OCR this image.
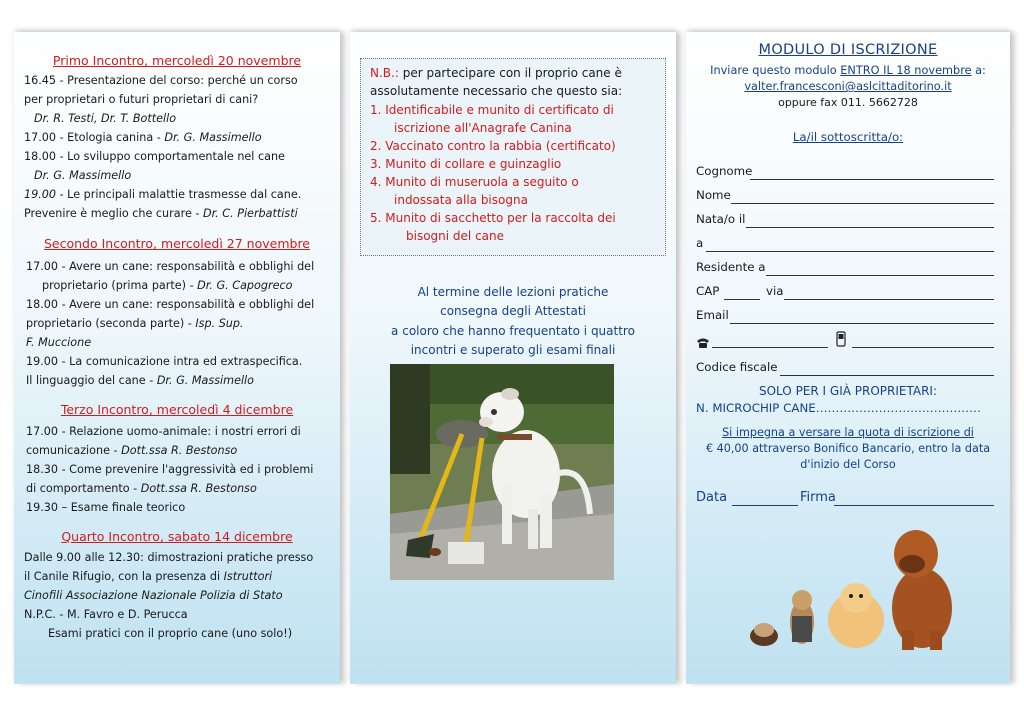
Primo Incontro, mercoledì 20 novembre
16.45 - Presentazione del corso: perché un corso
per proprietari o futuri proprietari di cani?
Dr. R. Testi, Dr. T. Bottello
17.00 - Etologia canina - Dr. G. Massimello
18.00 - Lo sviluppo comportamentale nel cane
Dr. G. Massimello
19.00 - Le principali malattie trasmesse dal cane.
Prevenire è meglio che curare - Dr. C. Pierbattisti
Secondo Incontro, mercoledì 27 novembre
17.00 - Avere un cane: responsabilità e obblighi del
proprietario (prima parte) - Dr. G. Capogreco
18.00 - Avere un cane: responsabilità e obblighi del
proprietario (seconda parte) - Isp. Sup.
F. Muccione
19.00 - La comunicazione intra ed extraspecifica.
Il linguaggio del cane - Dr. G. Massimello
Terzo Incontro, mercoledì 4 dicembre
17.00 - Relazione uomo-animale: i nostri errori di
comunicazione - Dott.ssa R. Bestonso
18.30 - Come prevenire l'aggressività ed i problemi
di comportamento - Dott.ssa R. Bestonso
19.30 – Esame finale teorico
Quarto Incontro, sabato 14 dicembre
Dalle 9.00 alle 12.30: dimostrazioni pratiche presso
il Canile Rifugio, con la presenza di Istruttori
Cinofili Associazione Nazionale Polizia di Stato
N.P.C. - M. Favro e D. Perucca
Esami pratici con il proprio cane (uno solo!)
N.B.: per partecipare con il proprio cane è
assolutamente necessario che questo sia:
1. Identificabile e munito di certificato di
iscrizione all'Anagrafe Canina
2. Vaccinato contro la rabbia (certificato)
3. Munito di collare e guinzaglio
4. Munito di museruola a seguito o
indossata alla bisogna
5. Munito di sacchetto per la raccolta dei
bisogni del cane
Al termine delle lezioni pratiche
consegna degli Attestati
a coloro che hanno frequentato i quattro
incontri e superato gli esami finali
MODULO DI ISCRIZIONE
Inviare questo modulo ENTRO IL 18 novembre a:
valter.francesconi@aslcittaditorino.it
oppure fax 011. 5662728
La/il sottoscritta/o:
Cognome
Nome
Nata/o il
a
Residente a
CAP	via
Email
Codice fiscale
SOLO PER I GIÀ PROPRIETARI:
N. MICROCHIP CANE……………………………………
Si impegna a versare la quota di iscrizione di
€ 40,00 attraverso Bonifico Bancario, entro la data
d'inizio del Corso
Data	Firma
